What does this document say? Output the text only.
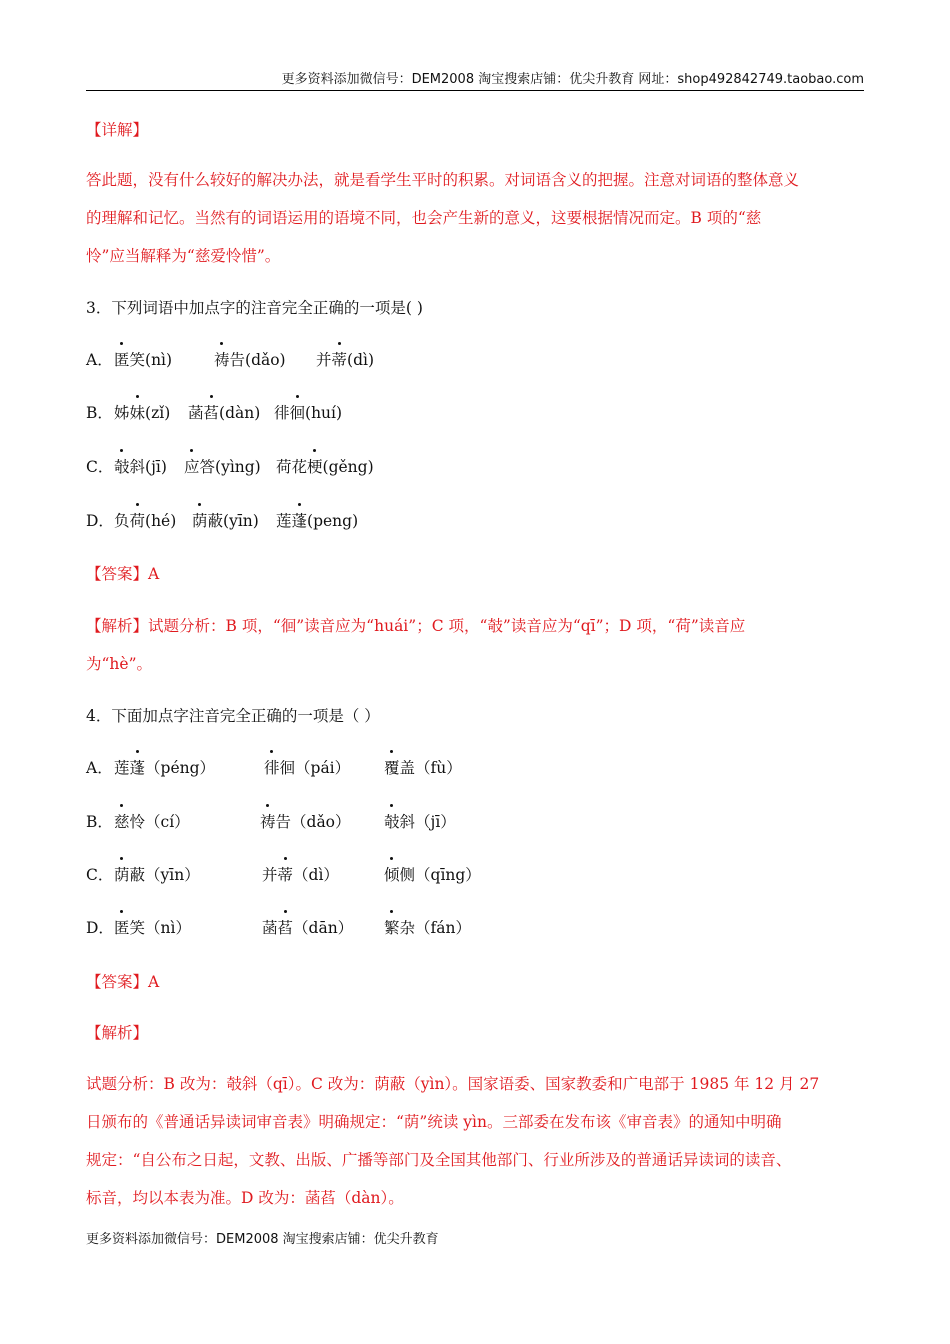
更多资料添加微信号：DEM2008 淘宝搜索店铺：优尖升教育 网址：shop492842749.taobao.com
【详解】
答此题，没有什么较好的解决办法，就是看学生平时的积累。对词语含义的把握。注意对词语的整体意义
的理解和记忆。当然有的词语运用的语境不同，也会产生新的意义，这要根据情况而定。B 项的“慈
怜”应当解释为“慈爱怜惜”。
3．下列词语中加点字的注音完全正确的一项是( )
A． 匿笑(nì)	祷告(dǎo) 并蒂(dì)
B． 姊妹(zǐ) 菡萏(dàn) 徘徊(huí)
C． 攲斜(jī) 应答(yìng) 荷花梗(gěng)
D． 负荷(hé) 荫蔽(yīn) 莲蓬(peng)
【答案】A
【解析】试题分析：B 项，“徊”读音应为“huái”；C 项，“攲”读音应为“qī”；D 项，“荷”读音应
为“hè”。
4．下面加点字注音完全正确的一项是（ ）
A． 莲蓬（péng）	徘徊（pái） 覆盖（fù）
B． 慈怜（cí）	祷告（dǎo） 攲斜（jī）
C． 荫蔽（yīn）	并蒂（dì）	倾侧（qīng）
D． 匿笑（nì）	菡萏（dān） 繁杂（fán）
【答案】A
【解析】
试题分析：B 改为：攲斜（qī）。C 改为：荫蔽（yìn）。国家语委、国家教委和广电部于 1985 年 12 月 27
日颁布的《普通话异读词审音表》明确规定：“荫”统读 yìn。三部委在发布该《审音表》的通知中明确
规定：“自公布之日起，文教、出版、广播等部门及全国其他部门、行业所涉及的普通话异读词的读音、
标音，均以本表为准。D 改为：菡萏（dàn）。
更多资料添加微信号：DEM2008 淘宝搜索店铺：优尖升教育
